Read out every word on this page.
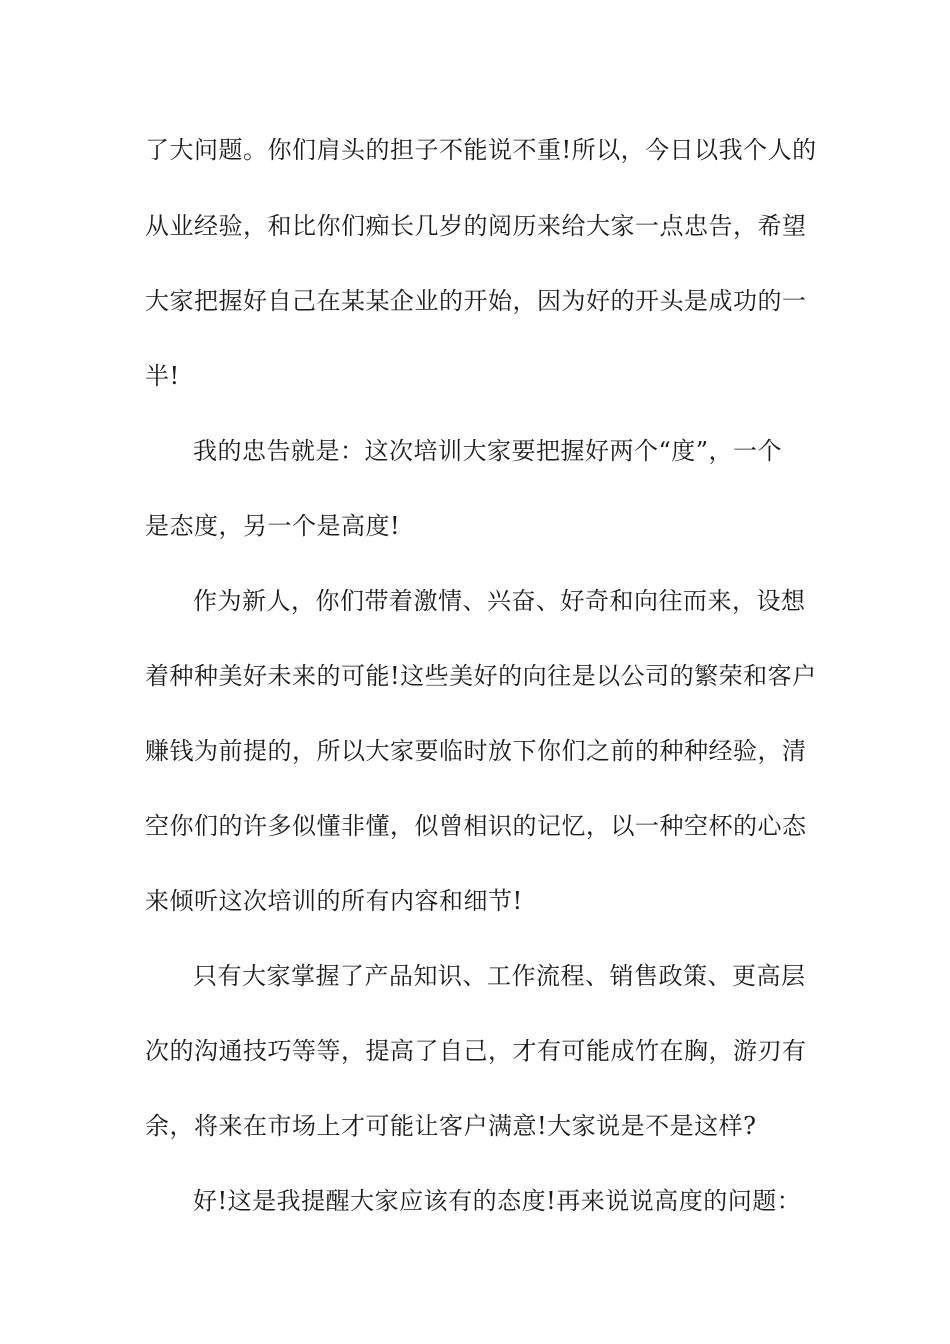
了大问题。你们肩头的担子不能说不重!所以，今日以我个人的
从业经验，和比你们痴长几岁的阅历来给大家一点忠告，希望
大家把握好自己在某某企业的开始，因为好的开头是成功的一
半!
我的忠告就是：这次培训大家要把握好两个“度”，一个
是态度，另一个是高度!
作为新人，你们带着激情、兴奋、好奇和向往而来，设想
着种种美好未来的可能!这些美好的向往是以公司的繁荣和客户
赚钱为前提的，所以大家要临时放下你们之前的种种经验，清
空你们的许多似懂非懂，似曾相识的记忆，以一种空杯的心态
来倾听这次培训的所有内容和细节!
只有大家掌握了产品知识、工作流程、销售政策、更高层
次的沟通技巧等等，提高了自己，才有可能成竹在胸，游刃有
余，将来在市场上才可能让客户满意!大家说是不是这样?
好!这是我提醒大家应该有的态度!再来说说高度的问题：
